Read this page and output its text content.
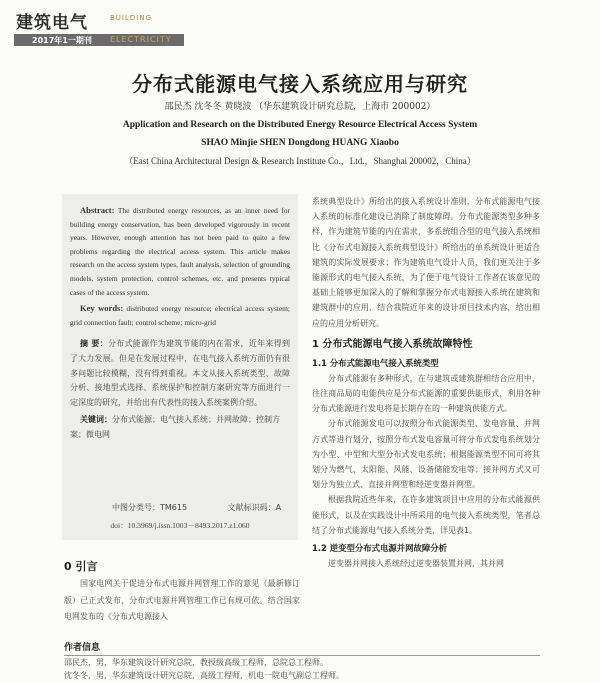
建筑电气	BUILDING
2017年1一期刊 ELECTRICITY
分布式能源电气接入系统应用与研究
邵民杰 沈冬冬 黄晓波 （华东建筑设计研究总院，上海市 200002）
Application and Research on the Distributed Energy Resource Electrical Access System
SHAO Minjie SHEN Dongdong HUANG Xiaobo
（East China Architectural Design & Research Institute Co.，Ltd.，Shanghai 200002，China）

Abstract: The distributed energy resources, as an inner need for building energy conservation, has been developed vigorously in recent years. However, enough attention has not been paid to quite a few problems regarding the electrical access system. This article makes research on the access system types, fault analysis, selection of grounding models, system protection, control schemes, etc. and presents typical cases of the access system.

Key words: distributed energy resource; electrical access system; grid connection fault; control scheme; micro-grid

摘 要：分布式能源作为建筑节能的内在需求，近年来得到了大力发展。但是在发展过程中，在电气接入系统方面仍有很多问题比较模糊，没有得到重视。本文从接入系统类型、故障分析、接地型式选择、系统保护和控制方案研究等方面进行一定深度的研究，并给出有代表性的接入系统案例介绍。

关键词：分布式能源；电气接入系统；并网故障；控制方案；微电网

中图分类号：TM615	文献标识码：A
doi：10.3969/j.issn.1003－8493.2017.z1.060
0 引言
国家电网关于促进分布式电源并网管理工作的意见（最新修订版）已正式发布，分布式电源并网管理工作已有规可依。结合国家电网发布的《分布式电源接入

系统典型设计》所给出的接入系统设计准则，分布式能源电气接入系统的标准化建设已消除了制度障碍。分布式能源类型多种多样，作为建筑节能的内在需求，多系统组合型的电气接入系统相比《分布式电源接入系统典型设计》所给出的单系统设计更适合建筑的实际发展要求；作为建筑电气设计人员，我们更关注于多能源形式的电气接入系统，为了便于电气设计工作者在该意见的基础上能够更加深入的了解和掌握分布式电源接入系统在建筑和建筑群中的应用，结合我院近年来的设计项目技术内容，给出相应的应用分析研究。

1 分布式能源电气接入系统故障特性
1.1 分布式能源电气接入系统类型

分布式能源有多种形式，在与建筑或建筑群相结合应用中，往往商品局的电能供应是分布式能源的重要供能形式，利用各种分布式能源进行发电将是长期存在的一种建筑供能方式。

分布式能源发电可以按照分布式能源类型、发电容量、并网方式等进行划分，按照分布式发电容量可将分布式发电系统划分为小型、中型和大型分布式发电系统；根据能源类型不同可将其划分为燃气、太阳能、风能、设备储能发电等；接并网方式又可划分为独立式、直接并网型和经逆变器并网型。

根据我院近些年来，在许多建筑项目中应用的分布式能源供能形式，以及在实践设计中所采用的电气接入系统类型，笔者总结了分布式能源电气接入系统分类，详见表1。

1.2 逆变型分布式电源并网故障分析

逆变器并网接入系统经过逆变器装置并网，其并网

作者信息
邵民杰，男，华东建筑设计研究总院，教授级高级工程师，总院总工程师。
沈冬冬，男，华东建筑设计研究总院，高级工程师，机电一院电气副总工程师。
